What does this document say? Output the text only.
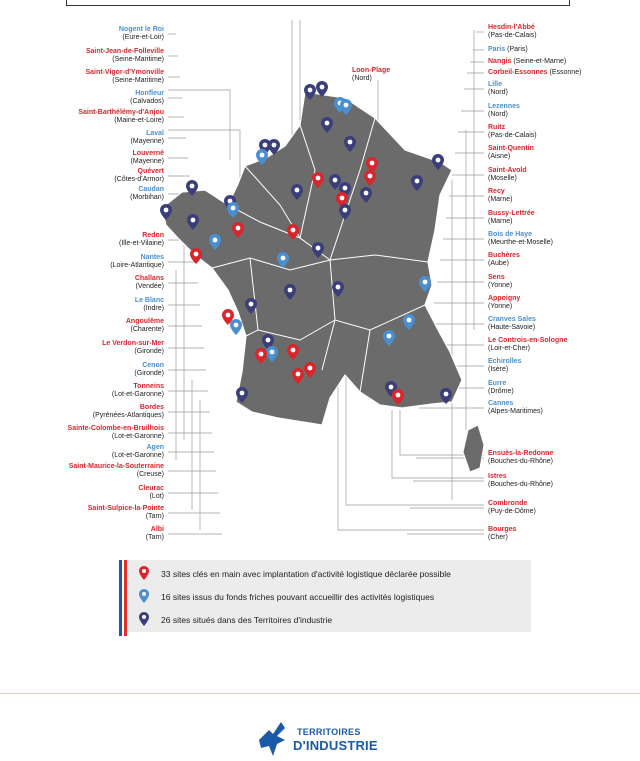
Nogent le Roi
(Eure-et-Loir)
Saint-Jean-de-Folleville
(Seine-Maritime)
Saint-Vigor-d'Ymonville
(Seine-Maritime)
Honfleur
(Calvados)
Saint-Barthélémy-d'Anjou
(Maine-et-Loire)
Laval
(Mayenne)
Louverné
(Mayenne)
Quévert
(Côtes-d'Armor)
Caudan
(Morbihan)
Redon
(Ille-et-Vilaine)
Nantes
(Loire-Atlantique)
Challans
(Vendée)
Le Blanc
(Indre)
Angoulême
(Charente)
Le Verdon-sur-Mer
(Gironde)
Cenon
(Gironde)
Tonneins
(Lot-et-Garonne)
Bordes
(Pyrénées-Atlantiques)
Sainte-Colombe-en-Bruilhois
(Lot-et-Garonne)
Agen
(Lot-et-Garonne)
Saint-Maurice-la-Souterraine
(Creuse)
Cleurac
(Lot)
Saint-Sulpice-la-Pointe
(Tarn)
Albi
(Tarn)
Hesdin-l'Abbé
(Pas-de-Calais)
Paris (Paris)
Nangis (Seine-et-Marne)
Corbeil-Essonnes (Essonne)
Lille
(Nord)
Lezennes
(Nord)
Ruitz
(Pas-de-Calais)
Saint-Quentin
(Aisne)
Saint-Avold
(Moselle)
Recy
(Marne)
Bussy-Lettrée
(Marne)
Bois de Haye
(Meurthe-et-Moselle)
Buchères
(Aube)
Sens
(Yonne)
Appoigny
(Yonne)
Cranves Sales
(Haute-Savoie)
Le Controis-en-Sologne
(Loir-et-Cher)
Echirolles
(Isère)
Eurre
(Drôme)
Cannes
(Alpes-Maritimes)
Ensuès-la-Redonne
(Bouches-du-Rhône)
Istres
(Bouches-du-Rhône)
Combronde
(Puy-de-Dôme)
Bourges
(Cher)
Loon-Plage
(Nord)
33 sites clés en main avec implantation d'activité logistique déclarée possible
16 sites issus du fonds friches pouvant accueillir des activités logistiques
26 sites situés dans des Territoires d'industrie
TERRITOIRES
D'INDUSTRIE
